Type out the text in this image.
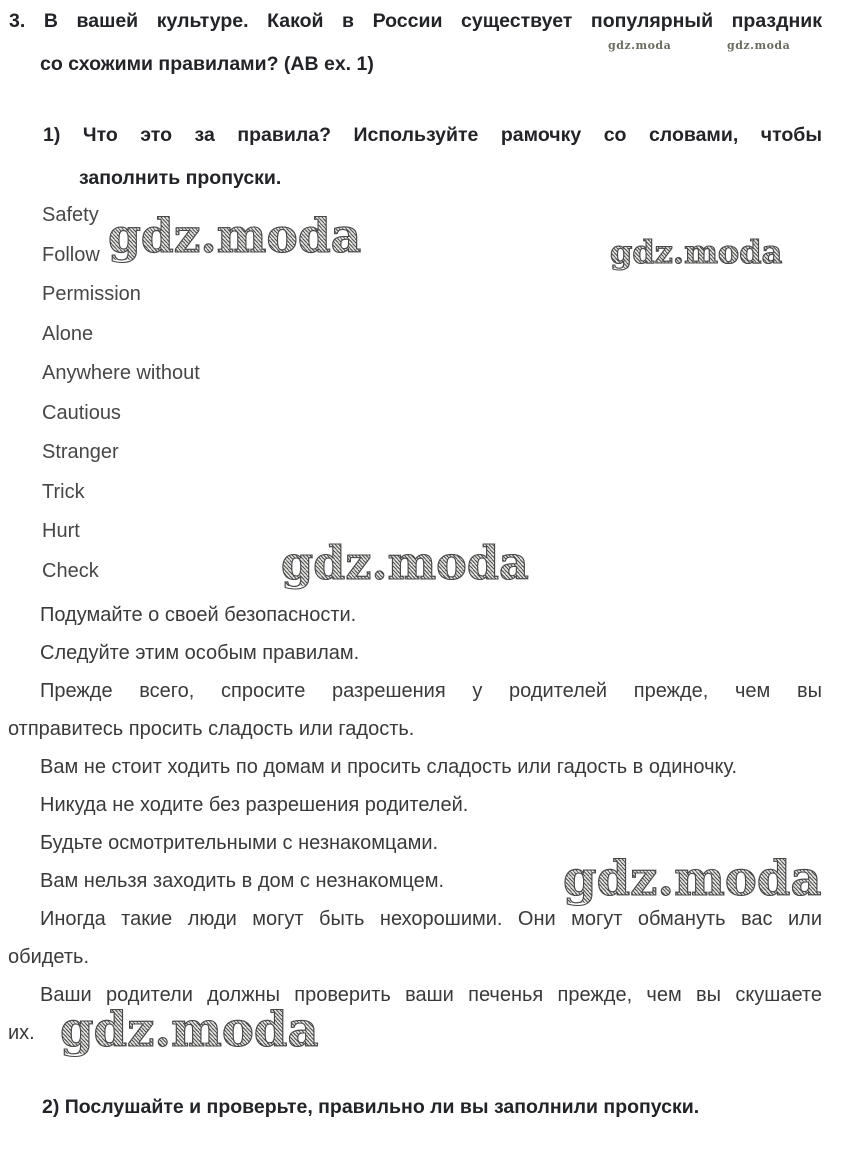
3. В вашей культуре. Какой в России существует популярный праздник
со схожими правилами? (АВ ex. 1)
gdz.moda	gdz.moda
1) Что это за правила? Используйте рамочку со словами, чтобы
заполнить пропуски.
Safety
Follow
Permission
Alone
Anywhere without
Cautious
Stranger
Trick
Hurt
Check
gdz.moda	gdz.moda
gdz.moda
Подумайте о своей безопасности.
Следуйте этим особым правилам.
Прежде всего, спросите разрешения у родителей прежде, чем вы
отправитесь просить сладость или гадость.
Вам не стоит ходить по домам и просить сладость или гадость в одиночку.
Никуда не ходите без разрешения родителей.
Будьте осмотрительными с незнакомцами.
Вам нельзя заходить в дом с незнакомцем.
Иногда такие люди могут быть нехорошими. Они могут обмануть вас или
обидеть.
Ваши родители должны проверить ваши печенья прежде, чем вы скушаете
их.
gdz.moda
gdz.moda
2) Послушайте и проверьте, правильно ли вы заполнили пропуски.
